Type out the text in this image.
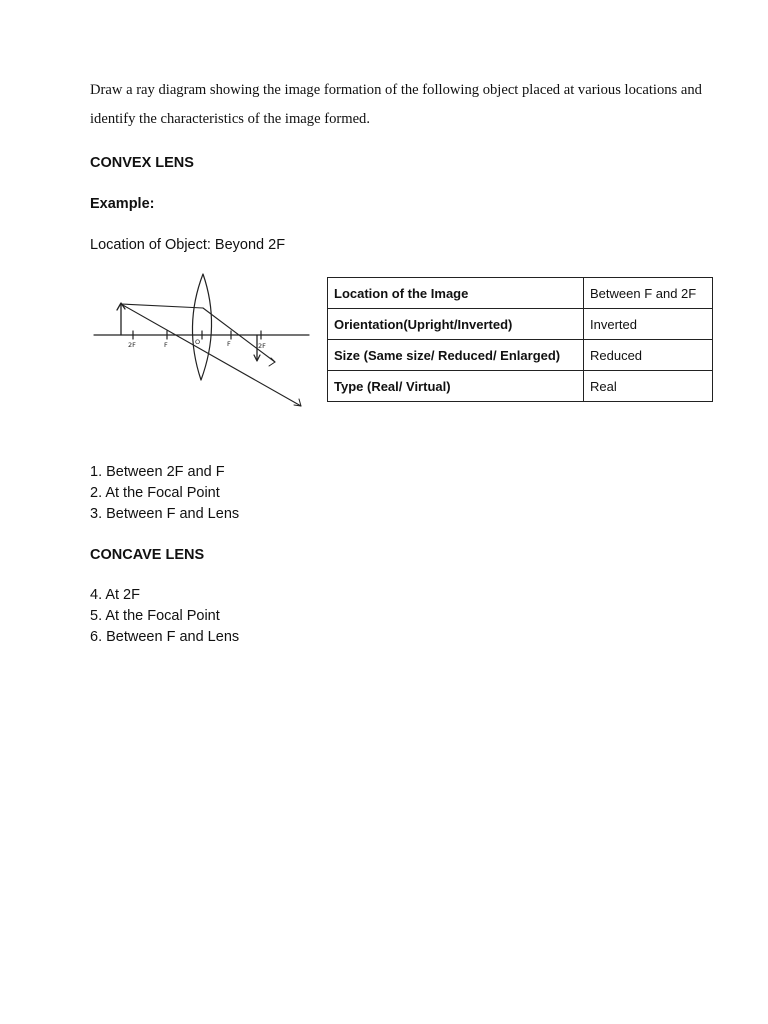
Draw a ray diagram showing the image formation of the following object placed at various locations and identify the characteristics of the image formed.

CONVEX LENS

Example:

Location of Object: Beyond 2F

2F	F	O	F	2F
Location of the Image	Between F and 2F
Orientation(Upright/Inverted)	Inverted
Size (Same size/ Reduced/ Enlarged)	Reduced
Type (Real/ Virtual)	Real
1. Between 2F and F
2. At the Focal Point
3. Between F and Lens

CONCAVE LENS

4. At 2F
5. At the Focal Point
6. Between F and Lens
